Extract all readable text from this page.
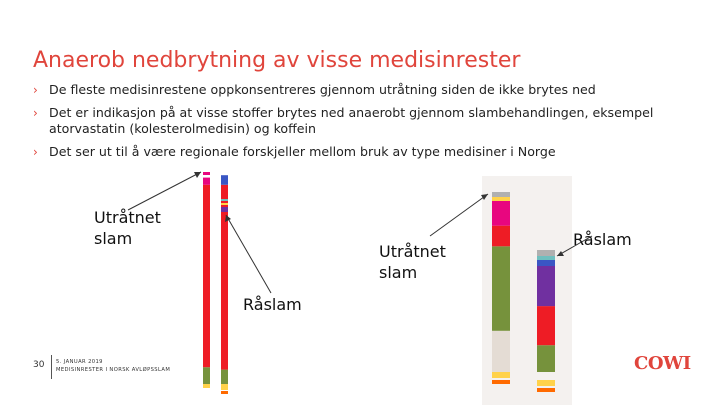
Anaerob nedbrytning av visse medisinrester
› De fleste medisinrestene oppkonsentreres gjennom utråtning siden de ikke brytes ned
› Det er indikasjon på at visse stoffer brytes ned anaerobt gjennom slambehandlingen, eksempel atorvastatin (kolesterolmedisin) og koffein
› Det ser ut til å være regionale forskjeller mellom bruk av type medisiner i Norge
Utråtnet
slam
Råslam
Utråtnet
slam
Råslam
30 5. JANUAR 2019
MEDISINRESTER I NORSK AVLØPSSLAM	COWI
